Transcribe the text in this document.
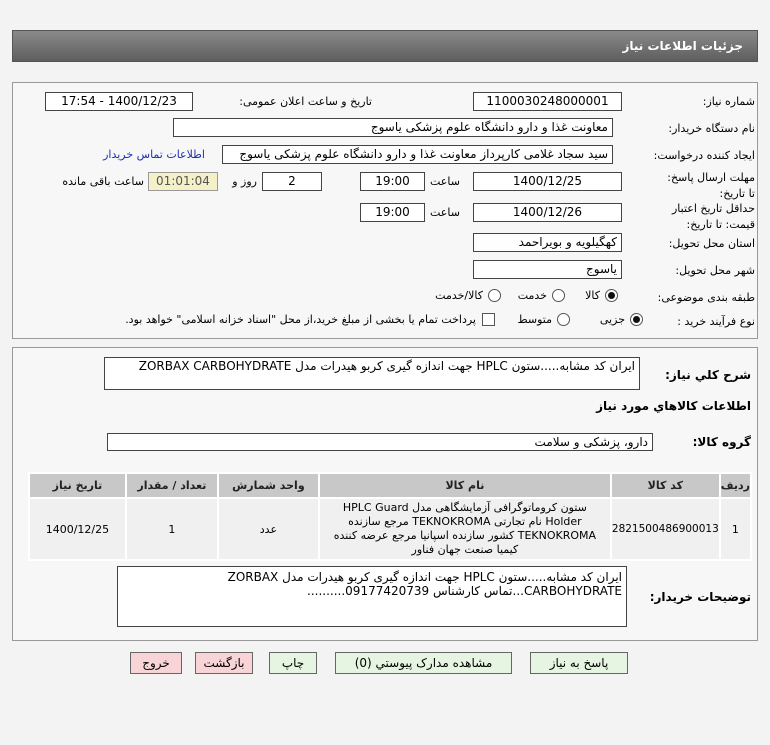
جزئیات اطلاعات نیاز
شماره نیاز:
1100030248000001
تاریخ و ساعت اعلان عمومی:
1400/12/23 - 17:54
نام دستگاه خریدار:
معاونت غذا و دارو دانشگاه علوم پزشکی یاسوج
ایجاد کننده درخواست:
سید سجاد غلامی کارپرداز معاونت غذا و دارو دانشگاه علوم پزشکی یاسوج
اطلاعات تماس خریدار
مهلت ارسال پاسخ: تا تاریخ:
1400/12/25
ساعت
19:00
2
روز و
01:01:04
ساعت باقی مانده
حداقل تاریخ اعتبار قیمت: تا تاریخ:
1400/12/26
ساعت
19:00
استان محل تحویل:
کهگیلویه و بویراحمد
شهر محل تحویل:
یاسوج
طبقه بندی موضوعی:
کالا
خدمت
کالا/خدمت
نوع فرآیند خرید :
جزیی
متوسط
پرداخت تمام یا بخشی از مبلغ خرید،از محل "اسناد خزانه اسلامی" خواهد بود.
شرح کلي نياز:
ایران کد مشابه.....ستون HPLC جهت اندازه گیری کربو هیدرات مدل ZORBAX CARBOHYDRATE
اطلاعات كالاهاي مورد نياز
گروه کالا:
دارو، پزشکی و سلامت
ردیف	کد کالا	نام کالا	واحد شمارش	تعداد / مقدار	تاریخ نیاز
1	2821500486900013	ستون کروماتوگرافی آزمایشگاهی مدل HPLC Guard Holder نام تجارتی TEKNOKROMA مرجع سازنده TEKNOKROMA کشور سازنده اسپانیا مرجع عرضه کننده کیمیا صنعت جهان فناور	عدد	1	1400/12/25
توضیحات خریدار:
ایران کد مشابه.....ستون HPLC جهت اندازه گیری کربو هیدرات مدل ZORBAX CARBOHYDRATE...تماس کارشناس 09177420739..........
پاسخ به نیاز
مشاهده مدارک پیوستي (0)
چاپ
بازگشت
خروج
